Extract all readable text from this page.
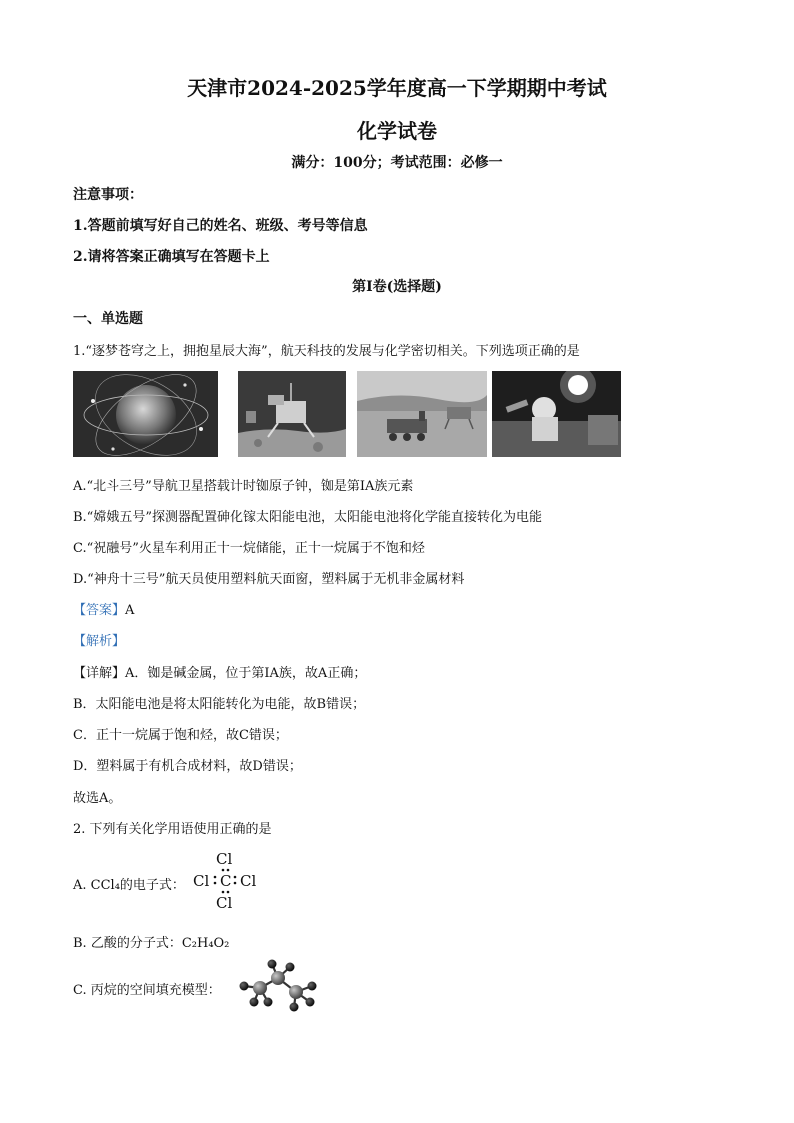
天津市2024-2025学年度高一下学期期中考试
化学试卷
满分：100分；考试范围：必修一
注意事项：
1.答题前填写好自己的姓名、班级、考号等信息
2.请将答案正确填写在答题卡上
第I卷(选择题)
一、单选题
1.“逐梦苍穹之上，拥抱星辰大海”，航天科技的发展与化学密切相关。下列选项正确的是
A.“北斗三号”导航卫星搭载计时铷原子钟，铷是第ⅠA族元素
B.“嫦娥五号”探测器配置砷化镓太阳能电池，太阳能电池将化学能直接转化为电能
C.“祝融号”火星车利用正十一烷储能，正十一烷属于不饱和烃
D.“神舟十三号”航天员使用塑料航天面窗，塑料属于无机非金属材料
【答案】A
【解析】
【详解】A．铷是碱金属，位于第ⅠA族，故A正确；
B．太阳能电池是将太阳能转化为电能，故B错误；
C．正十一烷属于饱和烃，故C错误；
D．塑料属于有机合成材料，故D错误；
故选A。
2. 下列有关化学用语使用正确的是
A. CCl₄的电子式：
Cl
Cl C Cl
Cl
B. 乙酸的分子式：C₂H₄O₂
C. 丙烷的空间填充模型：
